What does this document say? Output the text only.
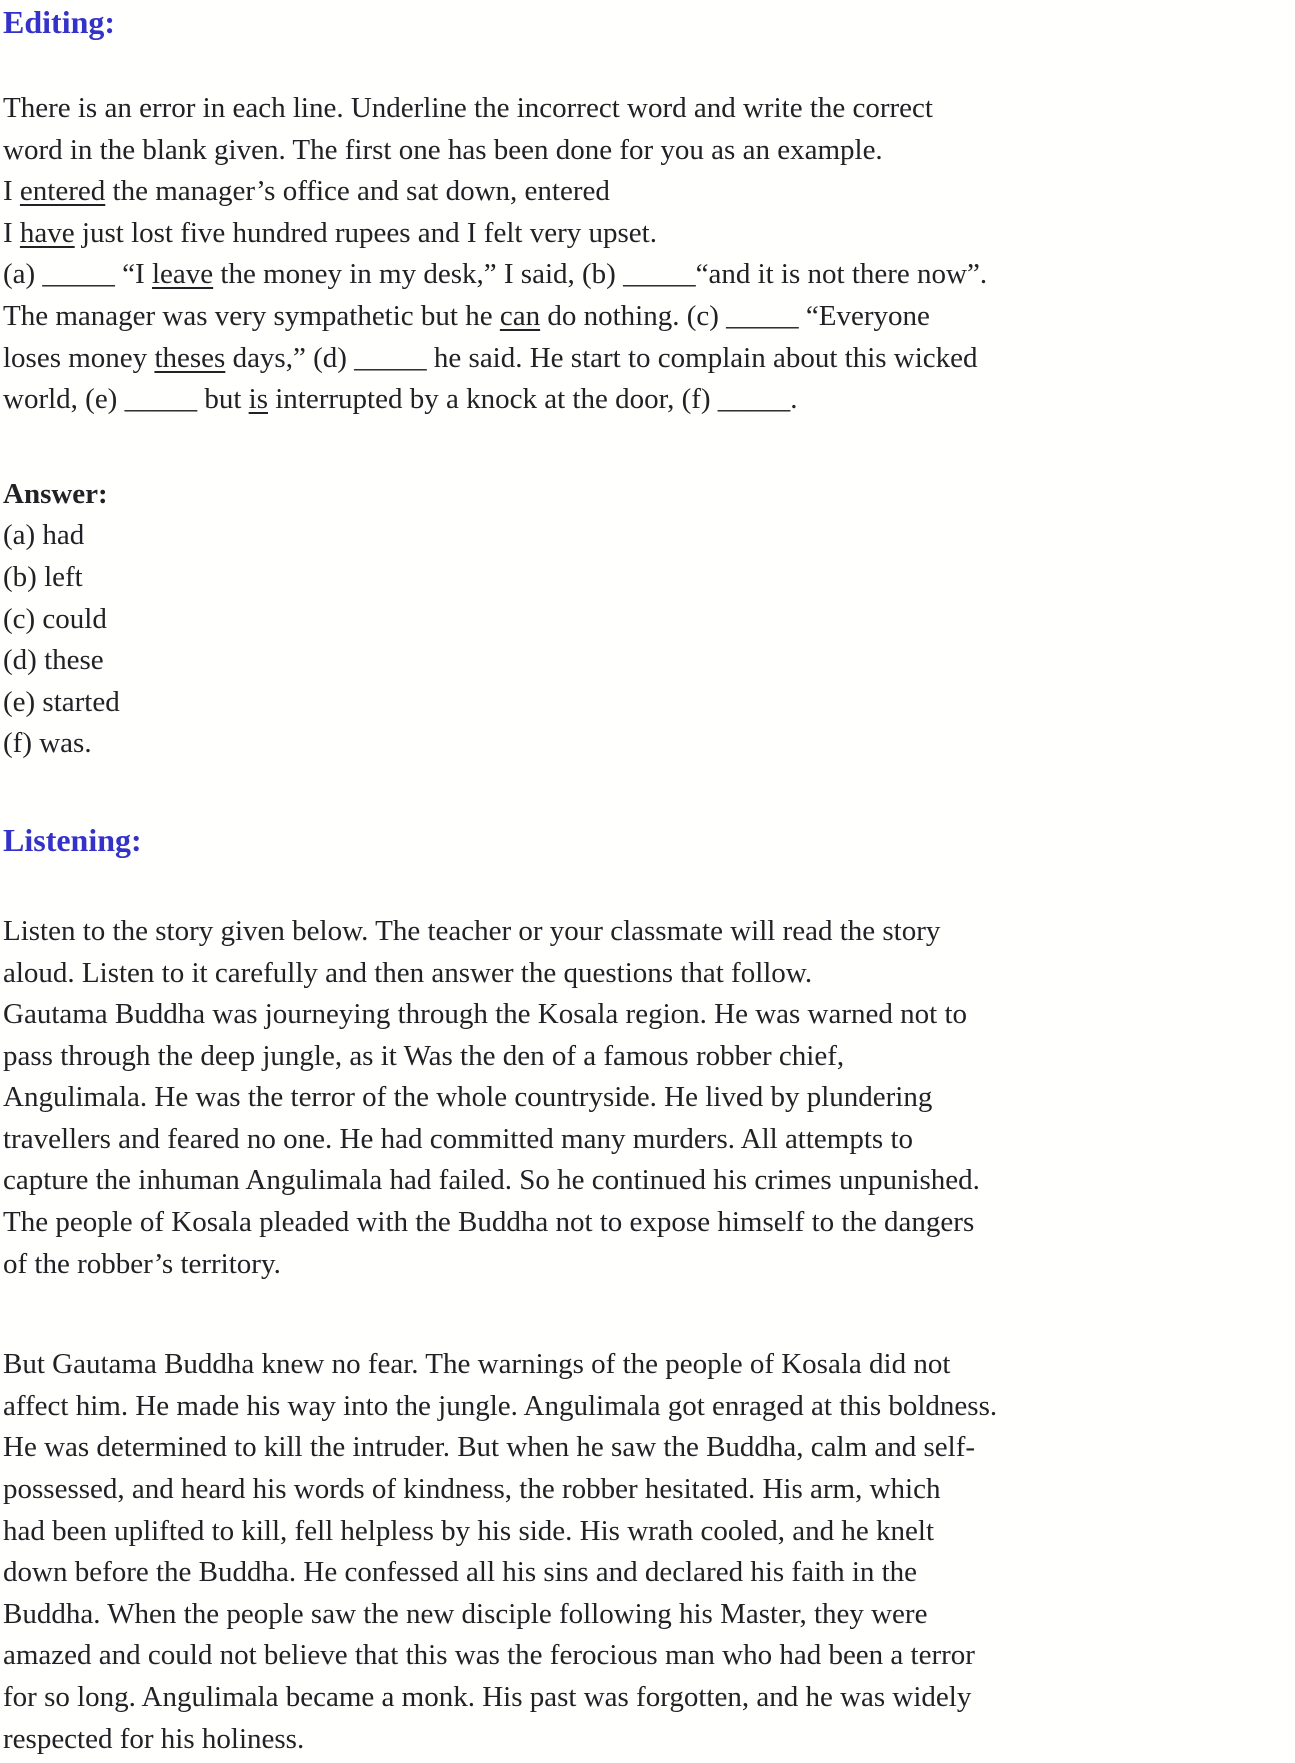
Editing:
There is an error in each line. Underline the incorrect word and write the correct
word in the blank given. The first one has been done for you as an example.
I entered the manager’s office and sat down, entered
I have just lost five hundred rupees and I felt very upset.
(a) _____ “I leave the money in my desk,” I said, (b) _____“and it is not there now”.
The manager was very sympathetic but he can do nothing. (c) _____ “Everyone
loses money theses days,” (d) _____ he said. He start to complain about this wicked
world, (e) _____ but is interrupted by a knock at the door, (f) _____.
Answer:
(a) had
(b) left
(c) could
(d) these
(e) started
(f) was.
Listening:
Listen to the story given below. The teacher or your classmate will read the story
aloud. Listen to it carefully and then answer the questions that follow.
Gautama Buddha was journeying through the Kosala region. He was warned not to
pass through the deep jungle, as it Was the den of a famous robber chief,
Angulimala. He was the terror of the whole countryside. He lived by plundering
travellers and feared no one. He had committed many murders. All attempts to
capture the inhuman Angulimala had failed. So he continued his crimes unpunished.
The people of Kosala pleaded with the Buddha not to expose himself to the dangers
of the robber’s territory.
But Gautama Buddha knew no fear. The warnings of the people of Kosala did not
affect him. He made his way into the jungle. Angulimala got enraged at this boldness.
He was determined to kill the intruder. But when he saw the Buddha, calm and self-
possessed, and heard his words of kindness, the robber hesitated. His arm, which
had been uplifted to kill, fell helpless by his side. His wrath cooled, and he knelt
down before the Buddha. He confessed all his sins and declared his faith in the
Buddha. When the people saw the new disciple following his Master, they were
amazed and could not believe that this was the ferocious man who had been a terror
for so long. Angulimala became a monk. His past was forgotten, and he was widely
respected for his holiness.
